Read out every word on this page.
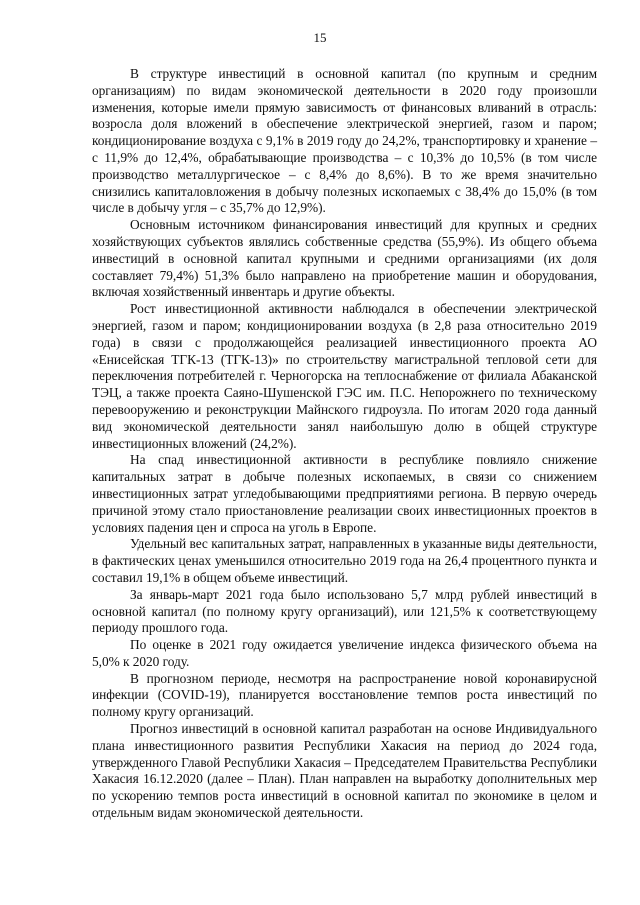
15

В структуре инвестиций в основной капитал (по крупным и средним организациям) по видам экономической деятельности в 2020 году произошли изменения, которые имели прямую зависимость от финансовых вливаний в отрасль: возросла доля вложений в обеспечение электрической энергией, газом и паром; кондиционирование воздуха с 9,1% в 2019 году до 24,2%, транспортировку и хранение – с 11,9% до 12,4%, обрабатывающие производства – с 10,3% до 10,5% (в том числе производство металлургическое – с 8,4% до 8,6%). В то же время значительно снизились капиталовложения в добычу полезных ископаемых с 38,4% до 15,0% (в том числе в добычу угля – с 35,7% до 12,9%).

Основным источником финансирования инвестиций для крупных и средних хозяйствующих субъектов являлись собственные средства (55,9%). Из общего объема инвестиций в основной капитал крупными и средними организациями (их доля составляет 79,4%) 51,3% было направлено на приобретение машин и оборудования, включая хозяйственный инвентарь и другие объекты.

Рост инвестиционной активности наблюдался в обеспечении электрической энергией, газом и паром; кондиционировании воздуха (в 2,8 раза относительно 2019 года) в связи с продолжающейся реализацией инвестиционного проекта АО «Енисейская ТГК-13 (ТГК-13)» по строительству магистральной тепловой сети для переключения потребителей г. Черногорска на теплоснабжение от филиала Абаканской ТЭЦ, а также проекта Саяно-Шушенской ГЭС им. П.С. Непорожнего по техническому перевооружению и реконструкции Майнского гидроузла. По итогам 2020 года данный вид экономической деятельности занял наибольшую долю в общей структуре инвестиционных вложений (24,2%).

На спад инвестиционной активности в республике повлияло снижение капитальных затрат в добыче полезных ископаемых, в связи со снижением инвестиционных затрат угледобывающими предприятиями региона. В первую очередь причиной этому стало приостановление реализации своих инвестиционных проектов в условиях падения цен и спроса на уголь в Европе.

Удельный вес капитальных затрат, направленных в указанные виды деятельности, в фактических ценах уменьшился относительно 2019 года на 26,4 процентного пункта и составил 19,1% в общем объеме инвестиций.

За январь-март 2021 года было использовано 5,7 млрд рублей инвестиций в основной капитал (по полному кругу организаций), или 121,5% к соответствующему периоду прошлого года.

По оценке в 2021 году ожидается увеличение индекса физического объема на 5,0% к 2020 году.

В прогнозном периоде, несмотря на распространение новой коронавирусной инфекции (COVID-19), планируется восстановление темпов роста инвестиций по полному кругу организаций.

Прогноз инвестиций в основной капитал разработан на основе Индивидуального плана инвестиционного развития Республики Хакасия на период до 2024 года, утвержденного Главой Республики Хакасия – Председателем Правительства Республики Хакасия 16.12.2020 (далее – План). План направлен на выработку дополнительных мер по ускорению темпов роста инвестиций в основной капитал по экономике в целом и отдельным видам экономической деятельности.
